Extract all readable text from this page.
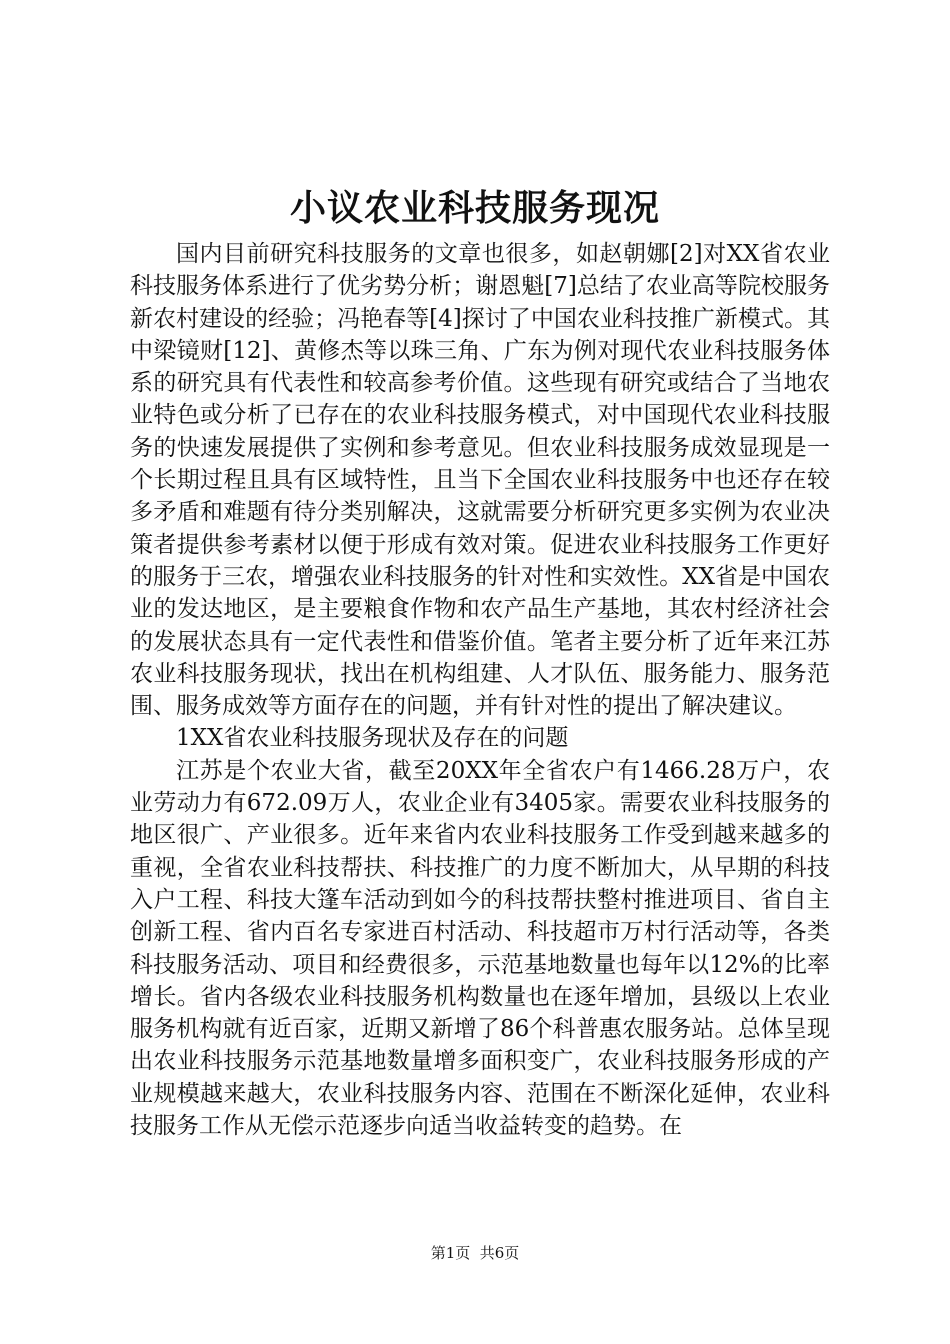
小议农业科技服务现况

国内目前研究科技服务的文章也很多，如赵朝娜[2]对XX省农业科技服务体系进行了优劣势分析；谢恩魁[7]总结了农业高等院校服务新农村建设的经验；冯艳春等[4]探讨了中国农业科技推广新模式。其中梁镜财[12]、黄修杰等以珠三角、广东为例对现代农业科技服务体系的研究具有代表性和较高参考价值。这些现有研究或结合了当地农业特色或分析了已存在的农业科技服务模式，对中国现代农业科技服务的快速发展提供了实例和参考意见。但农业科技服务成效显现是一个长期过程且具有区域特性，且当下全国农业科技服务中也还存在较多矛盾和难题有待分类别解决，这就需要分析研究更多实例为农业决策者提供参考素材以便于形成有效对策。促进农业科技服务工作更好的服务于三农，增强农业科技服务的针对性和实效性。XX省是中国农业的发达地区，是主要粮食作物和农产品生产基地，其农村经济社会的发展状态具有一定代表性和借鉴价值。笔者主要分析了近年来江苏农业科技服务现状，找出在机构组建、人才队伍、服务能力、服务范围、服务成效等方面存在的问题，并有针对性的提出了解决建议。

1XX省农业科技服务现状及存在的问题

江苏是个农业大省，截至20XX年全省农户有1466.28万户，农业劳动力有672.09万人，农业企业有3405家。需要农业科技服务的地区很广、产业很多。近年来省内农业科技服务工作受到越来越多的重视，全省农业科技帮扶、科技推广的力度不断加大，从早期的科技入户工程、科技大篷车活动到如今的科技帮扶整村推进项目、省自主创新工程、省内百名专家进百村活动、科技超市万村行活动等，各类科技服务活动、项目和经费很多，示范基地数量也每年以12%的比率增长。省内各级农业科技服务机构数量也在逐年增加，县级以上农业服务机构就有近百家，近期又新增了86个科普惠农服务站。总体呈现出农业科技服务示范基地数量增多面积变广，农业科技服务形成的产业规模越来越大，农业科技服务内容、范围在不断深化延伸，农业科技服务工作从无偿示范逐步向适当收益转变的趋势。在

第1页  共6页
